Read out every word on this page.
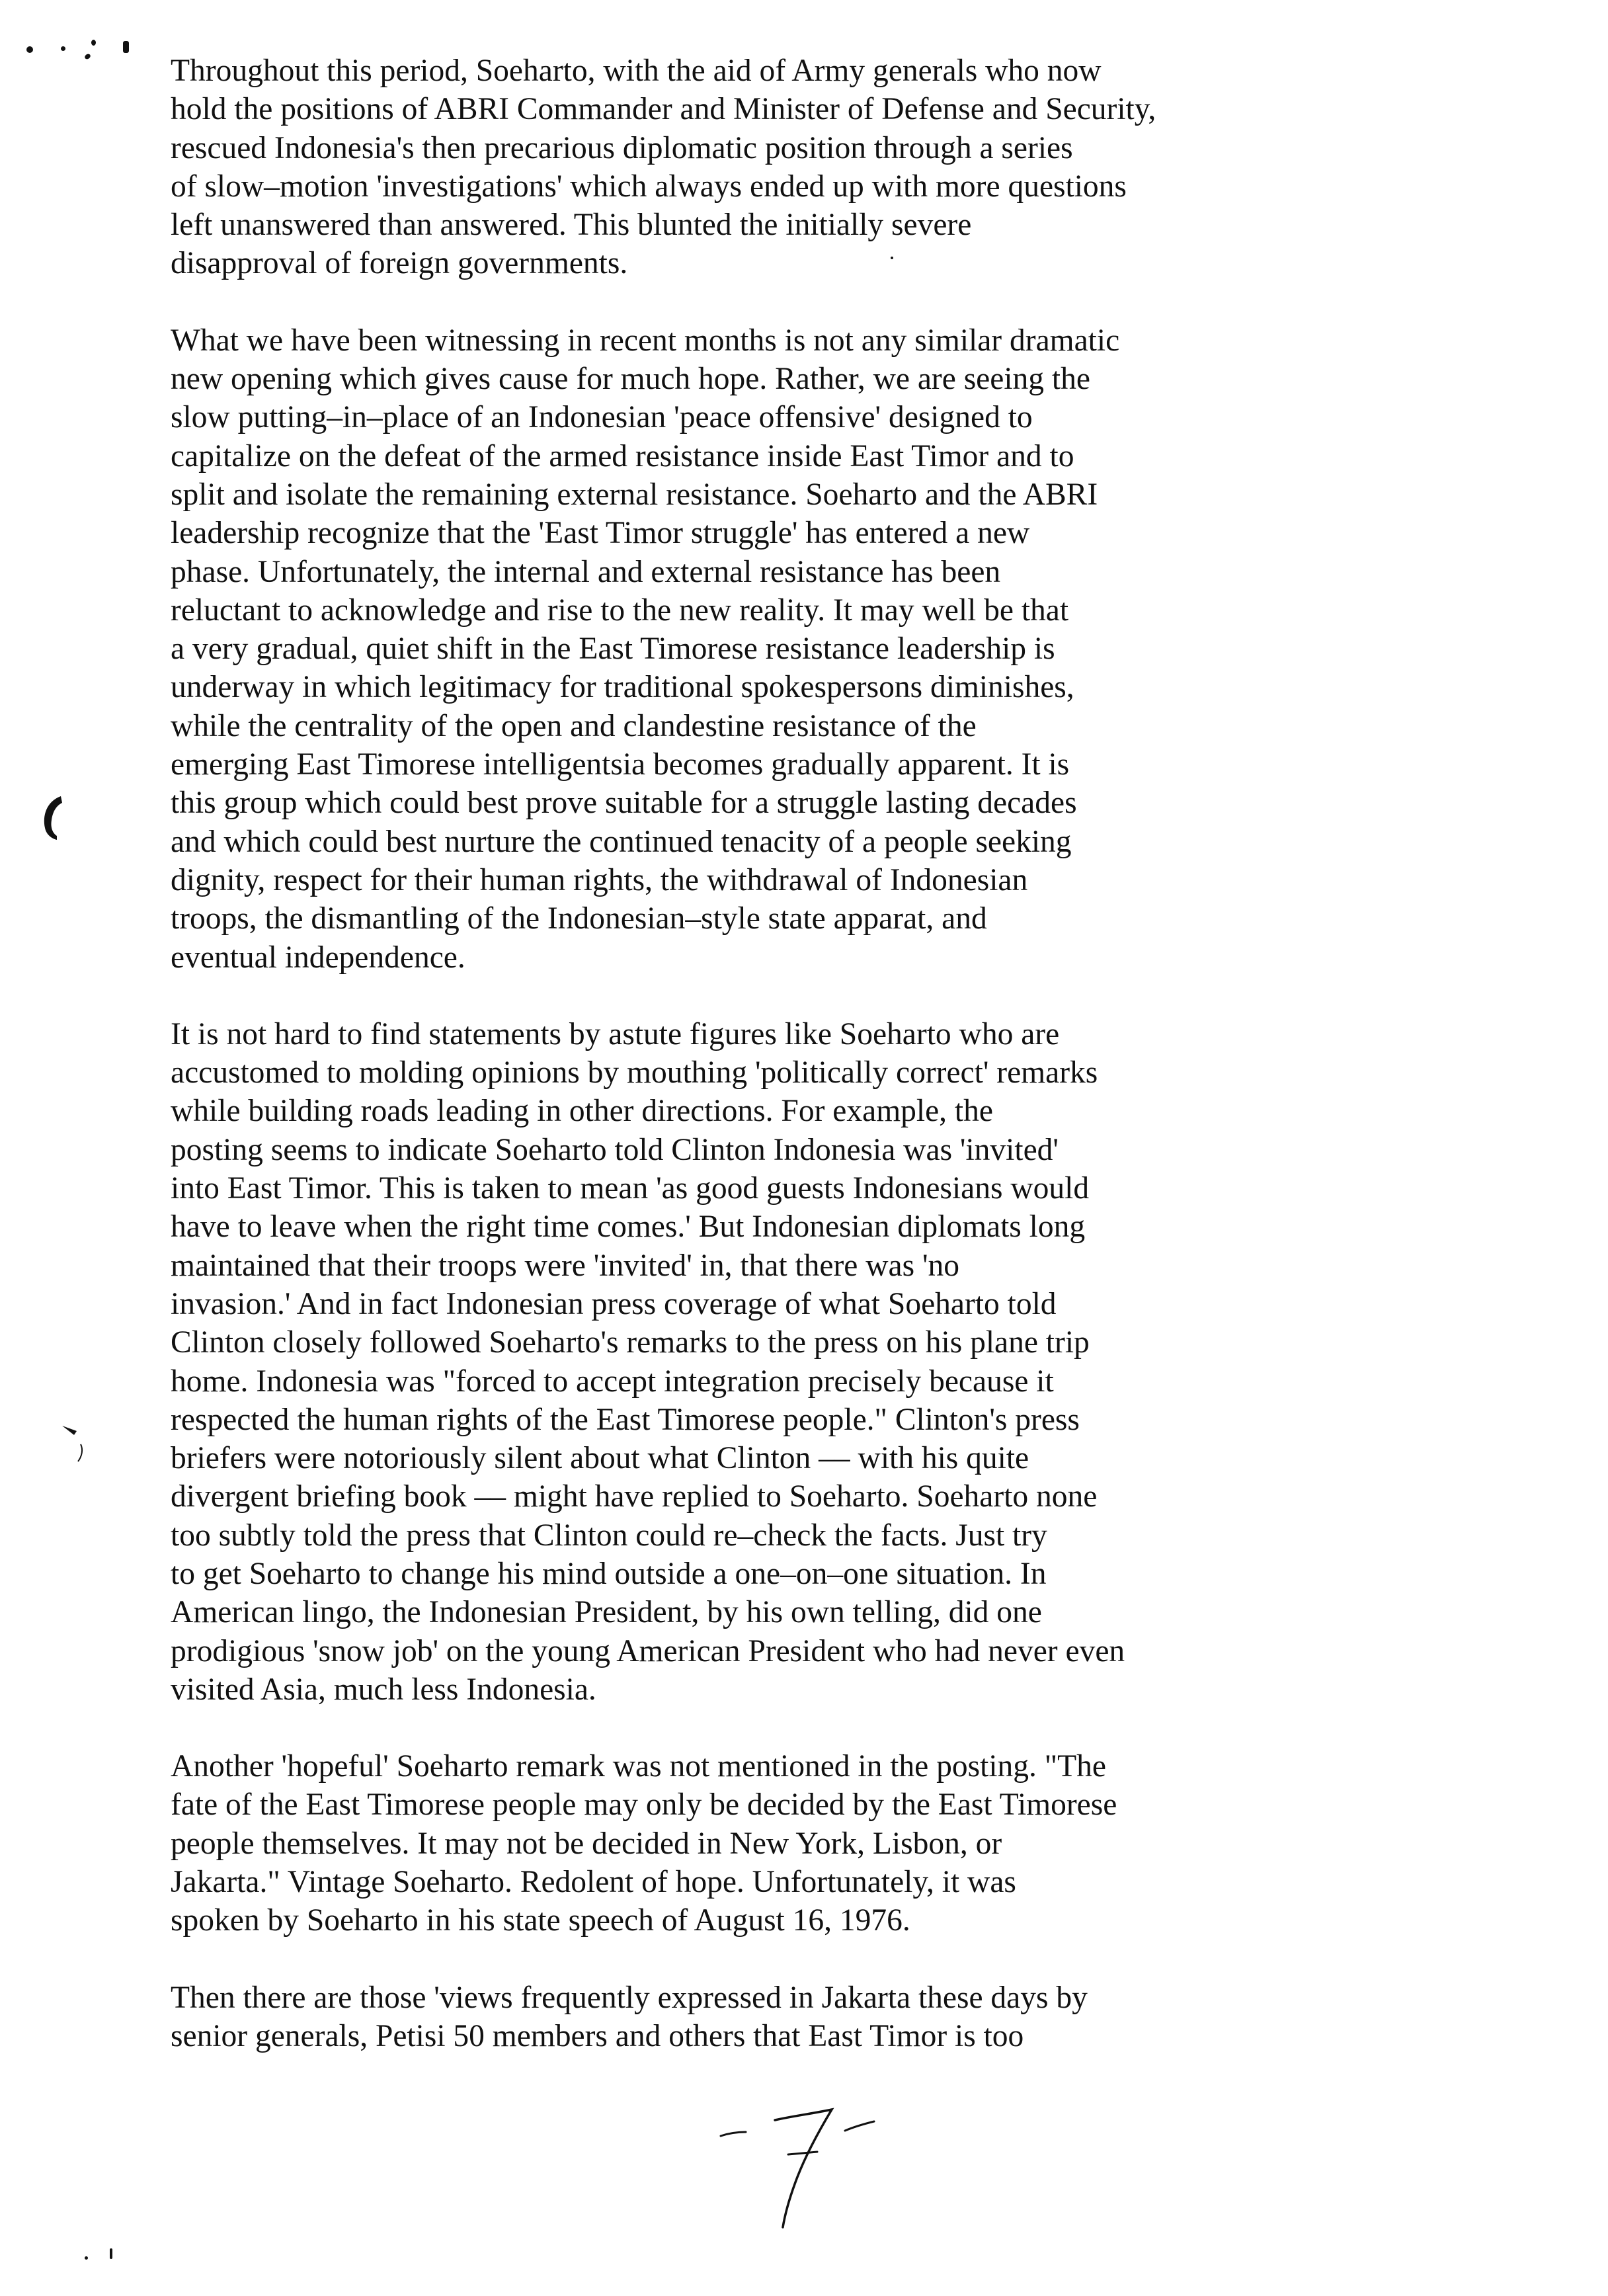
Throughout this period, Soeharto, with the aid of Army generals who now
hold the positions of ABRI Commander and Minister of Defense and Security,
rescued Indonesia's then precarious diplomatic position through a series
of slow–motion 'investigations' which always ended up with more questions
left unanswered than answered. This blunted the initially severe
disapproval of foreign governments.

What we have been witnessing in recent months is not any similar dramatic
new opening which gives cause for much hope. Rather, we are seeing the
slow putting–in–place of an Indonesian 'peace offensive' designed to
capitalize on the defeat of the armed resistance inside East Timor and to
split and isolate the remaining external resistance. Soeharto and the ABRI
leadership recognize that the 'East Timor struggle' has entered a new
phase. Unfortunately, the internal and external resistance has been
reluctant to acknowledge and rise to the new reality. It may well be that
a very gradual, quiet shift in the East Timorese resistance leadership is
underway in which legitimacy for traditional spokespersons diminishes,
while the centrality of the open and clandestine resistance of the
emerging East Timorese intelligentsia becomes gradually apparent. It is
this group which could best prove suitable for a struggle lasting decades
and which could best nurture the continued tenacity of a people seeking
dignity, respect for their human rights, the withdrawal of Indonesian
troops, the dismantling of the Indonesian–style state apparat, and
eventual independence.

It is not hard to find statements by astute figures like Soeharto who are
accustomed to molding opinions by mouthing 'politically correct' remarks
while building roads leading in other directions. For example, the
posting seems to indicate Soeharto told Clinton Indonesia was 'invited'
into East Timor. This is taken to mean 'as good guests Indonesians would
have to leave when the right time comes.' But Indonesian diplomats long
maintained that their troops were 'invited' in, that there was 'no
invasion.' And in fact Indonesian press coverage of what Soeharto told
Clinton closely followed Soeharto's remarks to the press on his plane trip
home. Indonesia was "forced to accept integration precisely because it
respected the human rights of the East Timorese people." Clinton's press
briefers were notoriously silent about what Clinton –– with his quite
divergent briefing book –– might have replied to Soeharto. Soeharto none
too subtly told the press that Clinton could re–check the facts. Just try
to get Soeharto to change his mind outside a one–on–one situation. In
American lingo, the Indonesian President, by his own telling, did one
prodigious 'snow job' on the young American President who had never even
visited Asia, much less Indonesia.

Another 'hopeful' Soeharto remark was not mentioned in the posting. "The
fate of the East Timorese people may only be decided by the East Timorese
people themselves. It may not be decided in New York, Lisbon, or
Jakarta." Vintage Soeharto. Redolent of hope. Unfortunately, it was
spoken by Soeharto in his state speech of August 16, 1976.

Then there are those 'views frequently expressed in Jakarta these days by
senior generals, Petisi 50 members and others that East Timor is too
